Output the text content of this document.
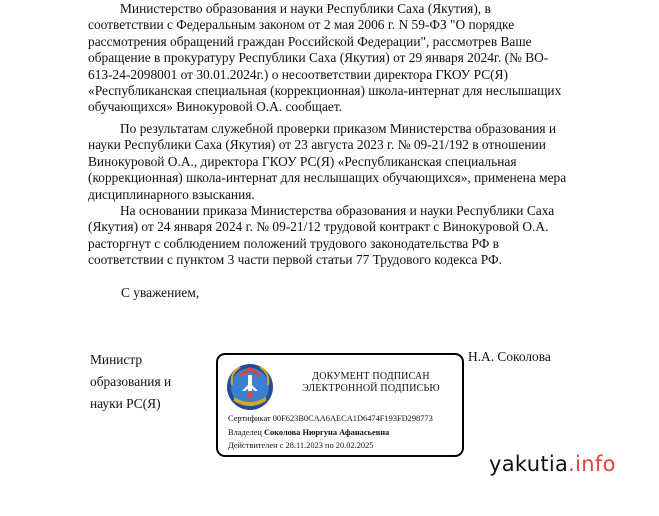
Министерство образования и науки Республики Саха (Якутия), в
соответствии с Федеральным законом от 2 мая 2006 г. N 59-ФЗ "О порядке
рассмотрения обращений граждан Российской Федерации", рассмотрев Ваше
обращение в прокуратуру Республики Саха (Якутия) от 29 января 2024г. (№ ВО-
613-24-2098001 от 30.01.2024г.) о несоответствии директора ГКОУ РС(Я)
«Республиканская специальная (коррекционная) школа-интернат для неслышащих
обучающихся» Винокуровой О.А. сообщает.

По результатам служебной проверки приказом Министерства образования и
науки Республики Саха (Якутия) от 23 августа 2023 г. № 09-21/192 в отношении
Винокуровой О.А., директора ГКОУ РС(Я) «Республиканская специальная
(коррекционная) школа-интернат для неслышащих обучающихся», применена мера
дисциплинарного взыскания.

На основании приказа Министерства образования и науки Республики Саха
(Якутия) от 24 января 2024 г. № 09-21/12 трудовой контракт с Винокуровой О.А.
расторгнут с соблюдением положений трудового законодательства РФ в
соответствии с пунктом 3 части первой статьи 77 Трудового кодекса РФ.

С уважением,
Министр
образования и
науки РС(Я)
Н.А. Соколова
ДОКУМЕНТ ПОДПИСАН
ЭЛЕКТРОННОЙ ПОДПИСЬЮ
Сертификат 00F623B0CAA6AECA1D6474F193FD298773
Владелец Соколова Нюргуна Афанасьевна
Действителен с 28.11.2023 по 20.02.2025
yakutia.info
